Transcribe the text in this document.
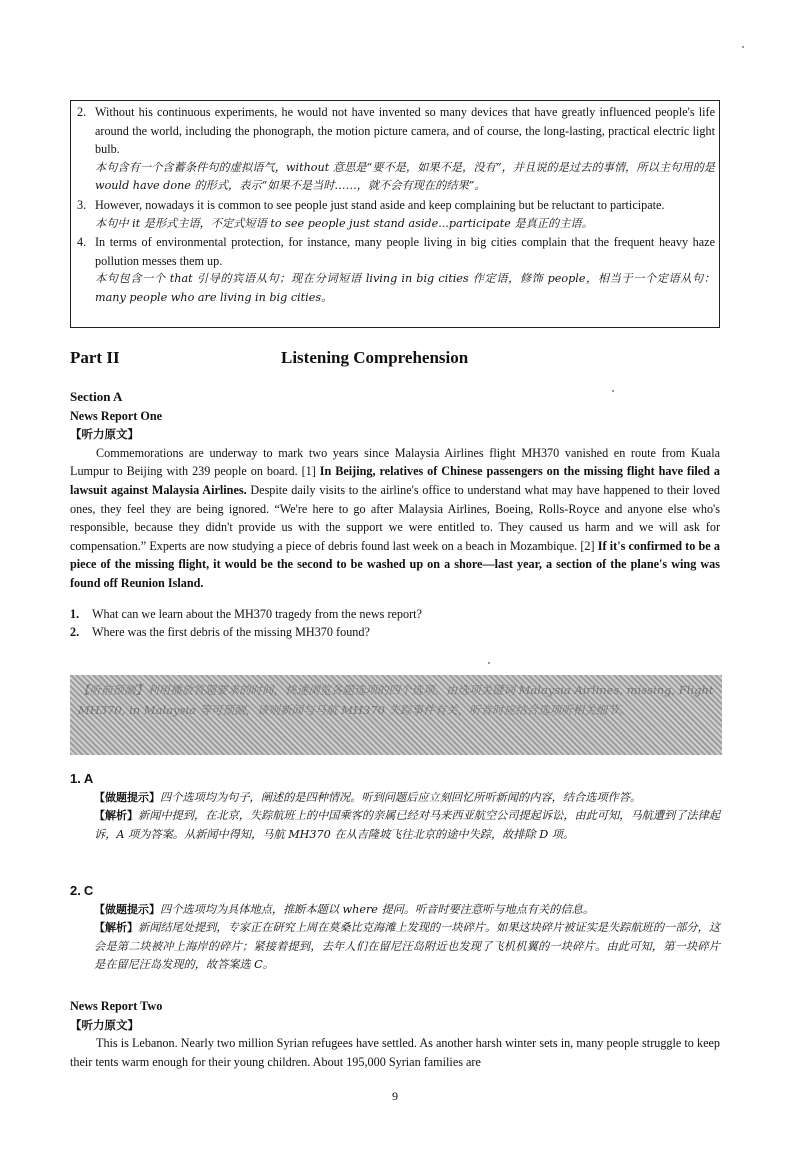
2. Without his continuous experiments, he would not have invented so many devices that have greatly influenced people's life around the world, including the phonograph, the motion picture camera, and of course, the long-lasting, practical electric light bulb.
本句含有一个含蓄条件句的虚拟语气，without 意思是“要不是，如果不是，没有”，并且说的是过去的事情，所以主句用的是 would have done 的形式，表示“如果不是当时……，就不会有现在的结果”。
3. However, nowadays it is common to see people just stand aside and keep complaining but be reluctant to participate.
本句中 it 是形式主语，不定式短语 to see people just stand aside...participate 是真正的主语。
4. In terms of environmental protection, for instance, many people living in big cities complain that the frequent heavy haze pollution messes them up.
本句包含一个 that 引导的宾语从句；现在分词短语 living in big cities 作定语，修饰 people，相当于一个定语从句：many people who are living in big cities。
Part II	Listening Comprehension
Section A
News Report One
【听力原文】

Commemorations are underway to mark two years since Malaysia Airlines flight MH370 vanished en route from Kuala Lumpur to Beijing with 239 people on board. [1] In Beijing, relatives of Chinese passengers on the missing flight have filed a lawsuit against Malaysia Airlines. Despite daily visits to the airline's office to understand what may have happened to their loved ones, they feel they are being ignored. “We're here to go after Malaysia Airlines, Boeing, Rolls-Royce and anyone else who's responsible, because they didn't provide us with the support we were entitled to. They caused us harm and we will ask for compensation.” Experts are now studying a piece of debris found last week on a beach in Mozambique. [2] If it's confirmed to be a piece of the missing flight, it would be the second to be washed up on a shore—last year, a section of the plane's wing was found off Reunion Island.

1.	What can we learn about the MH370 tragedy from the news report?
2.	Where was the first debris of the missing MH370 found?
【听前预测】利用播放答题要求的时间，快速浏览各题选项的四个选项。由选项关键词 Malaysia Airlines, missing, Flight MH370, in Malaysia 等可预测，该则新闻与马航 MH370 失踪事件有关，听音时应结合选项听相关细节。
1. A
【做题提示】四个选项均为句子，阐述的是四种情况。听到问题后应立刻回忆所听新闻的内容，结合选项作答。
【解析】新闻中提到，在北京，失踪航班上的中国乘客的亲属已经对马来西亚航空公司提起诉讼，由此可知，马航遭到了法律起诉，A 项为答案。从新闻中得知，马航 MH370 在从吉隆坡飞往北京的途中失踪，故排除 D 项。
2. C
【做题提示】四个选项均为具体地点，推断本题以 where 提问。听音时要注意听与地点有关的信息。
【解析】新闻结尾处提到，专家正在研究上周在莫桑比克海滩上发现的一块碎片。如果这块碎片被证实是失踪航班的一部分，这会是第二块被冲上海岸的碎片；紧接着提到，去年人们在留尼汪岛附近也发现了飞机机翼的一块碎片。由此可知，第一块碎片是在留尼汪岛发现的，故答案选 C。
News Report Two
【听力原文】

This is Lebanon. Nearly two million Syrian refugees have settled. As another harsh winter sets in, many people struggle to keep their tents warm enough for their young children. About 195,000 Syrian families are

9
